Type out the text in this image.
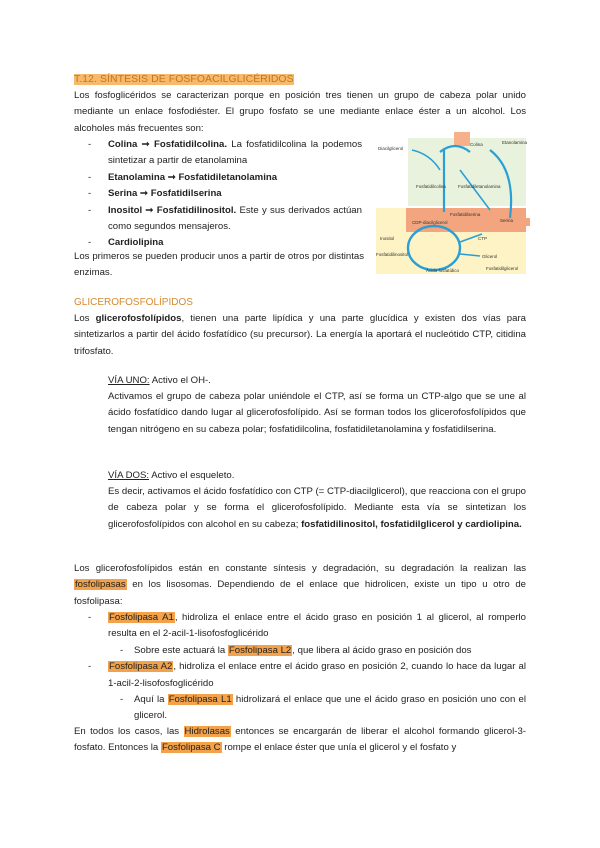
T.12. SÍNTESIS DE FOSFOACILGLICÉRIDOS
Los fosfoglicéridos se caracterizan porque en posición tres tienen un grupo de cabeza polar unido mediante un enlace fosfodiéster. El grupo fosfato se une mediante enlace éster a un alcohol. Los alcoholes más frecuentes son:
- Colina ➞ Fosfatidilcolina. La fosfatidilcolina la podemos sintetizar a partir de etanolamina
- Etanolamina ➞ Fosfatidiletanolamina
- Serina ➞ Fosfatidilserina
- Inositol ➞ Fosfatidilinositol. Este y sus derivados actúan como segundos mensajeros.
- Cardiolipina
Los primeros se pueden producir unos a partir de otros por distintas enzimas.
Diacilglicerol
Colina	Etanolamina
Fosfatidilcolina	Fosfatidiletanolamina
Fosfatidilserina
Serina
CTP
CDP-diacilglicerol
Inositol
Fosfatidilinositol
Ácido fosfatídico
Glicerol
Fosfatidilglicerol
GLICEROFOSFOLÍPIDOS
Los glicerofosfolípidos, tienen una parte lipídica y una parte glucídica y existen dos vías para sintetizarlos a partir del ácido fosfatídico (su precursor). La energía la aportará el nucleótido CTP, citidina trifosfato.
VÍA UNO: Activo el OH-.
Activamos el grupo de cabeza polar uniéndole el CTP, así se forma un CTP-algo que se une al ácido fosfatídico dando lugar al glicerofosfolípido. Así se forman todos los glicerofosfolípidos que tengan nitrógeno en su cabeza polar; fosfatidilcolina, fosfatidiletanolamina y fosfatidilserina.
VÍA DOS: Activo el esqueleto.
Es decir, activamos el ácido fosfatídico con CTP (= CTP-diacilglicerol), que reacciona con el grupo de cabeza polar y se forma el glicerofosfolípido. Mediante esta vía se sintetizan los glicerofosfolípidos con alcohol en su cabeza; fosfatidilinositol, fosfatidilglicerol y cardiolipina.
Los glicerofosfolípidos están en constante síntesis y degradación, su degradación la realizan las fosfolipasas en los lisosomas. Dependiendo de el enlace que hidrolicen, existe un tipo u otro de fosfolipasa:
- Fosfolipasa A1, hidroliza el enlace entre el ácido graso en posición 1 al glicerol, al romperlo resulta en el 2-acil-1-lisofosfoglicérido
- Sobre este actuará la Fosfolipasa L2, que libera al ácido graso en posición dos
- Fosfolipasa A2, hidroliza el enlace entre el ácido graso en posición 2, cuando lo hace da lugar al 1-acil-2-lisofosfoglicérido
- Aquí la Fosfolipasa L1 hidrolizará el enlace que une el ácido graso en posición uno con el glicerol.
En todos los casos, las Hidrolasas entonces se encargarán de liberar el alcohol formando glicerol-3-fosfato. Entonces la Fosfolipasa C rompe el enlace éster que unía el glicerol y el fosfato y
